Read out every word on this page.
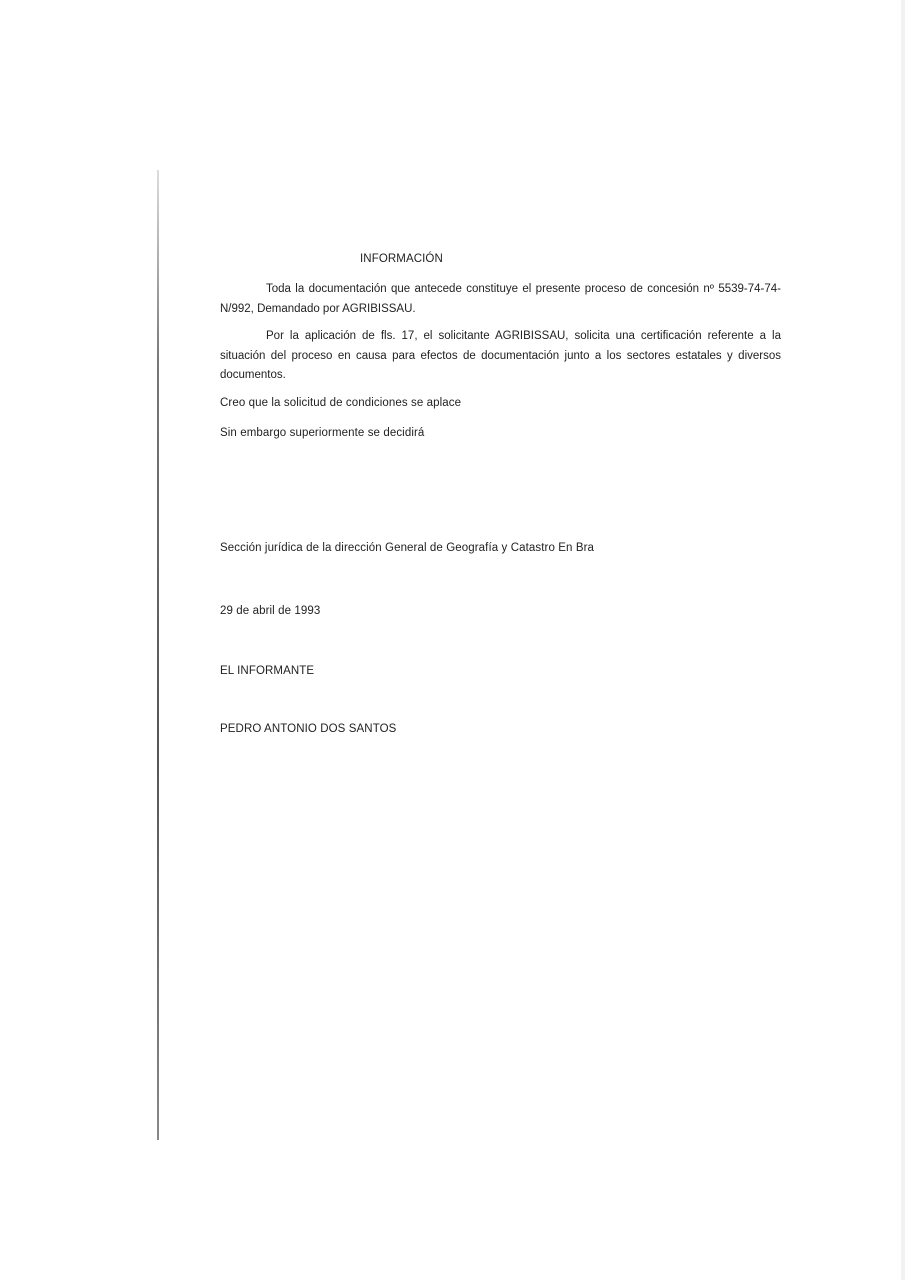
INFORMACIÓN
Toda la documentación que antecede constituye el presente proceso de concesión nº 5539-74-74-N/992, Demandado por AGRIBISSAU.
Por la aplicación de fls. 17, el solicitante AGRIBISSAU, solicita una certificación referente a la situación del proceso en causa para efectos de documentación junto a los sectores estatales y diversos documentos.
Creo que la solicitud de condiciones se aplace
Sin embargo superiormente se decidirá
Sección jurídica de la dirección General de Geografía y Catastro En Bra
29 de abril de 1993
EL INFORMANTE
PEDRO ANTONIO DOS SANTOS
